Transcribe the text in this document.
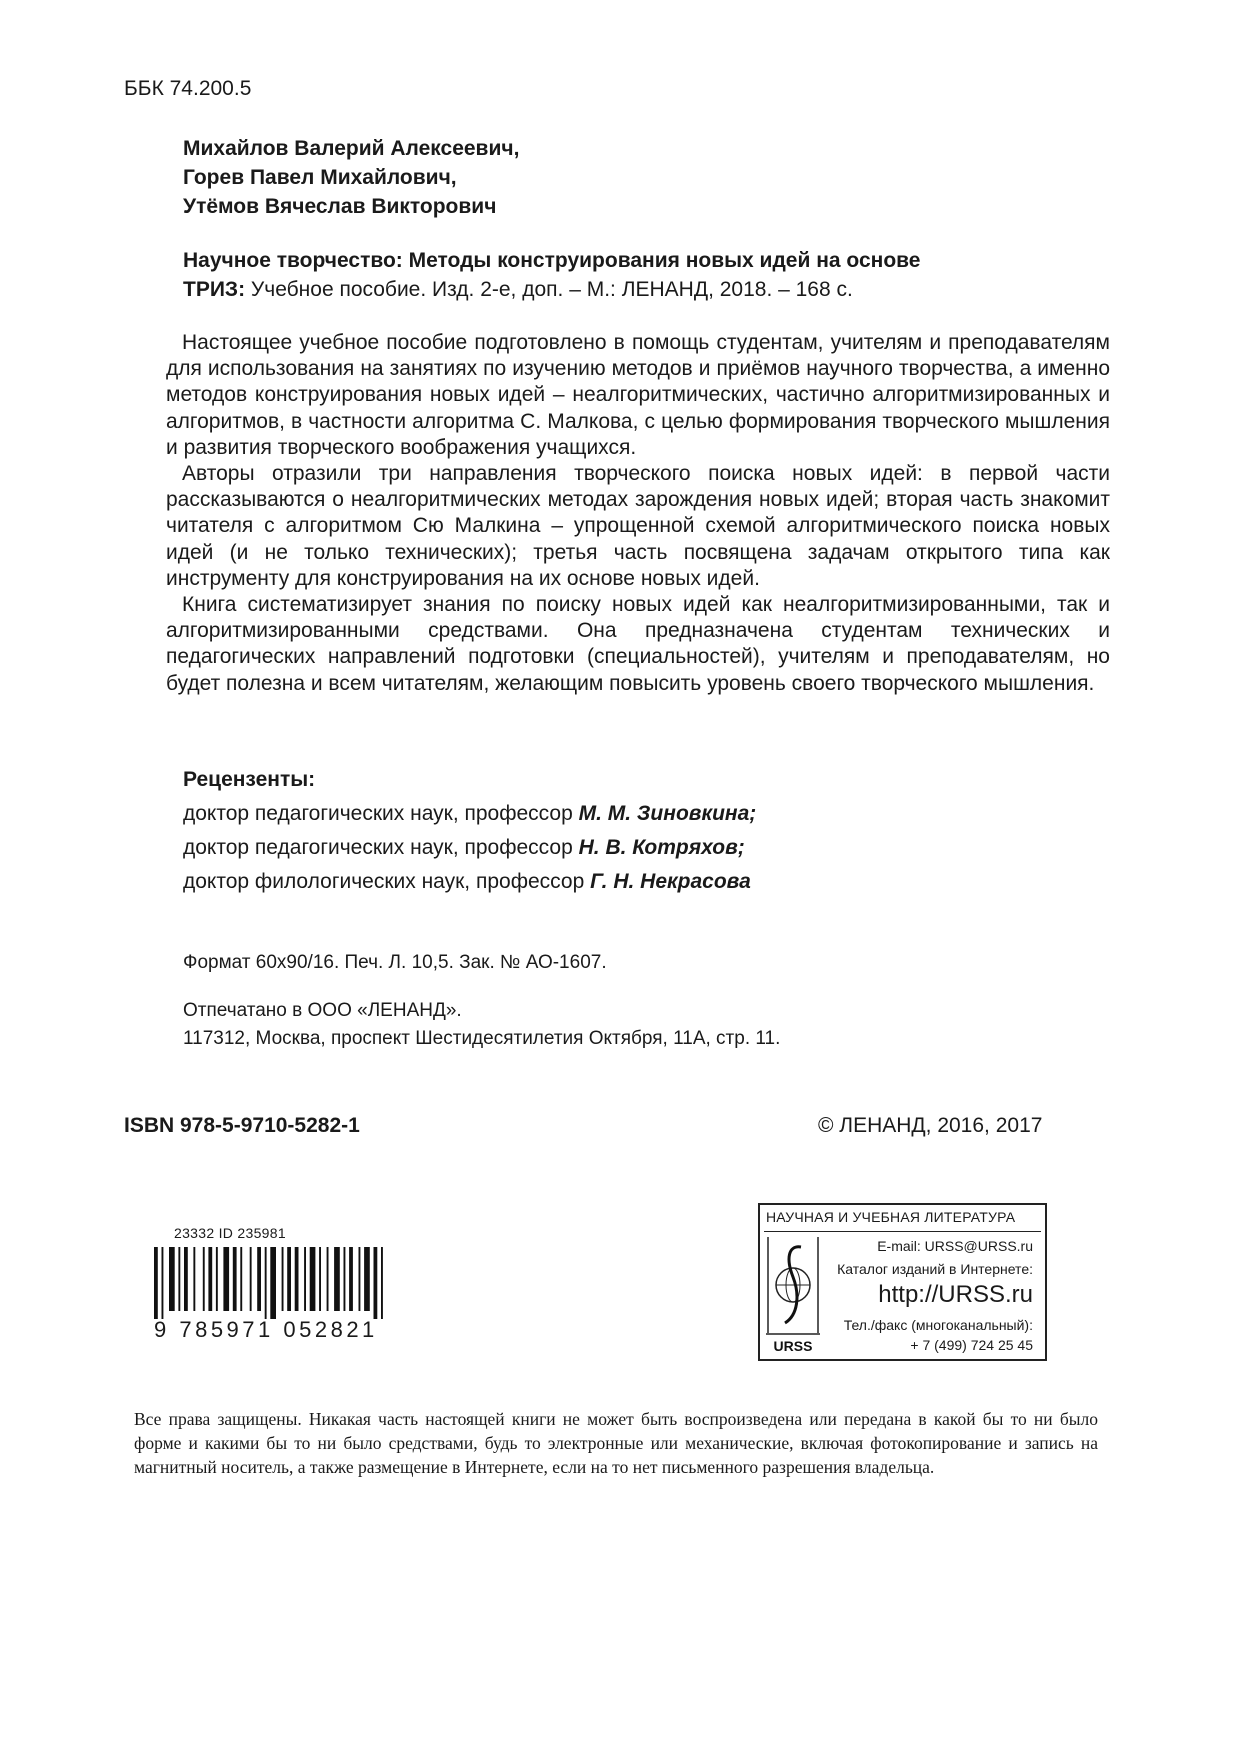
ББК 74.200.5
Михайлов Валерий Алексеевич,
Горев Павел Михайлович,
Утёмов Вячеслав Викторович
Научное творчество: Методы конструирования новых идей на основе
ТРИЗ: Учебное пособие. Изд. 2-е, доп. – М.: ЛЕНАНД, 2018. – 168 с.

Настоящее учебное пособие подготовлено в помощь студентам, учителям и преподавателям для использования на занятиях по изучению методов и приёмов научного творчества, а именно методов конструирования новых идей – неалгоритмических, частично алгоритмизированных и алгоритмов, в частности алгоритма С. Малкова, с целью формирования творческого мышления и развития творческого воображения учащихся.

Авторы отразили три направления творческого поиска новых идей: в первой части рассказываются о неалгоритмических методах зарождения новых идей; вторая часть знакомит читателя с алгоритмом Сю Малкина – упрощенной схемой алгоритмического поиска новых идей (и не только технических); третья часть посвящена задачам открытого типа как инструменту для конструирования на их основе новых идей.

Книга систематизирует знания по поиску новых идей как неалгоритмизированными, так и алгоритмизированными средствами. Она предназначена студентам технических и педагогических направлений подготовки (специальностей), учителям и преподавателям, но будет полезна и всем читателям, желающим повысить уровень своего творческого мышления.

Рецензенты:
доктор педагогических наук, профессор М. М. Зиновкина;
доктор педагогических наук, профессор Н. В. Котряхов;
доктор филологических наук, профессор Г. Н. Некрасова
Формат 60х90/16. Печ. Л. 10,5. Зак. № АО-1607.
Отпечатано в ООО «ЛЕНАНД».
117312, Москва, проспект Шестидесятилетия Октября, 11А, стр. 11.
ISBN 978-5-9710-5282-1	© ЛЕНАНД, 2016, 2017
23332 ID 235981
9 785971 052821
НАУЧНАЯ И УЧЕБНАЯ ЛИТЕРАТУРА
URSS
E-mail: URSS@URSS.ru
Каталог изданий в Интернете:
http://URSS.ru
Тел./факс (многоканальный):
+ 7 (499) 724 25 45
Все права защищены. Никакая часть настоящей книги не может быть воспроизведена или передана в какой бы то ни было форме и какими бы то ни было средствами, будь то электронные или механические, включая фотокопирование и запись на магнитный носитель, а также размещение в Интернете, если на то нет письменного разрешения владельца.
